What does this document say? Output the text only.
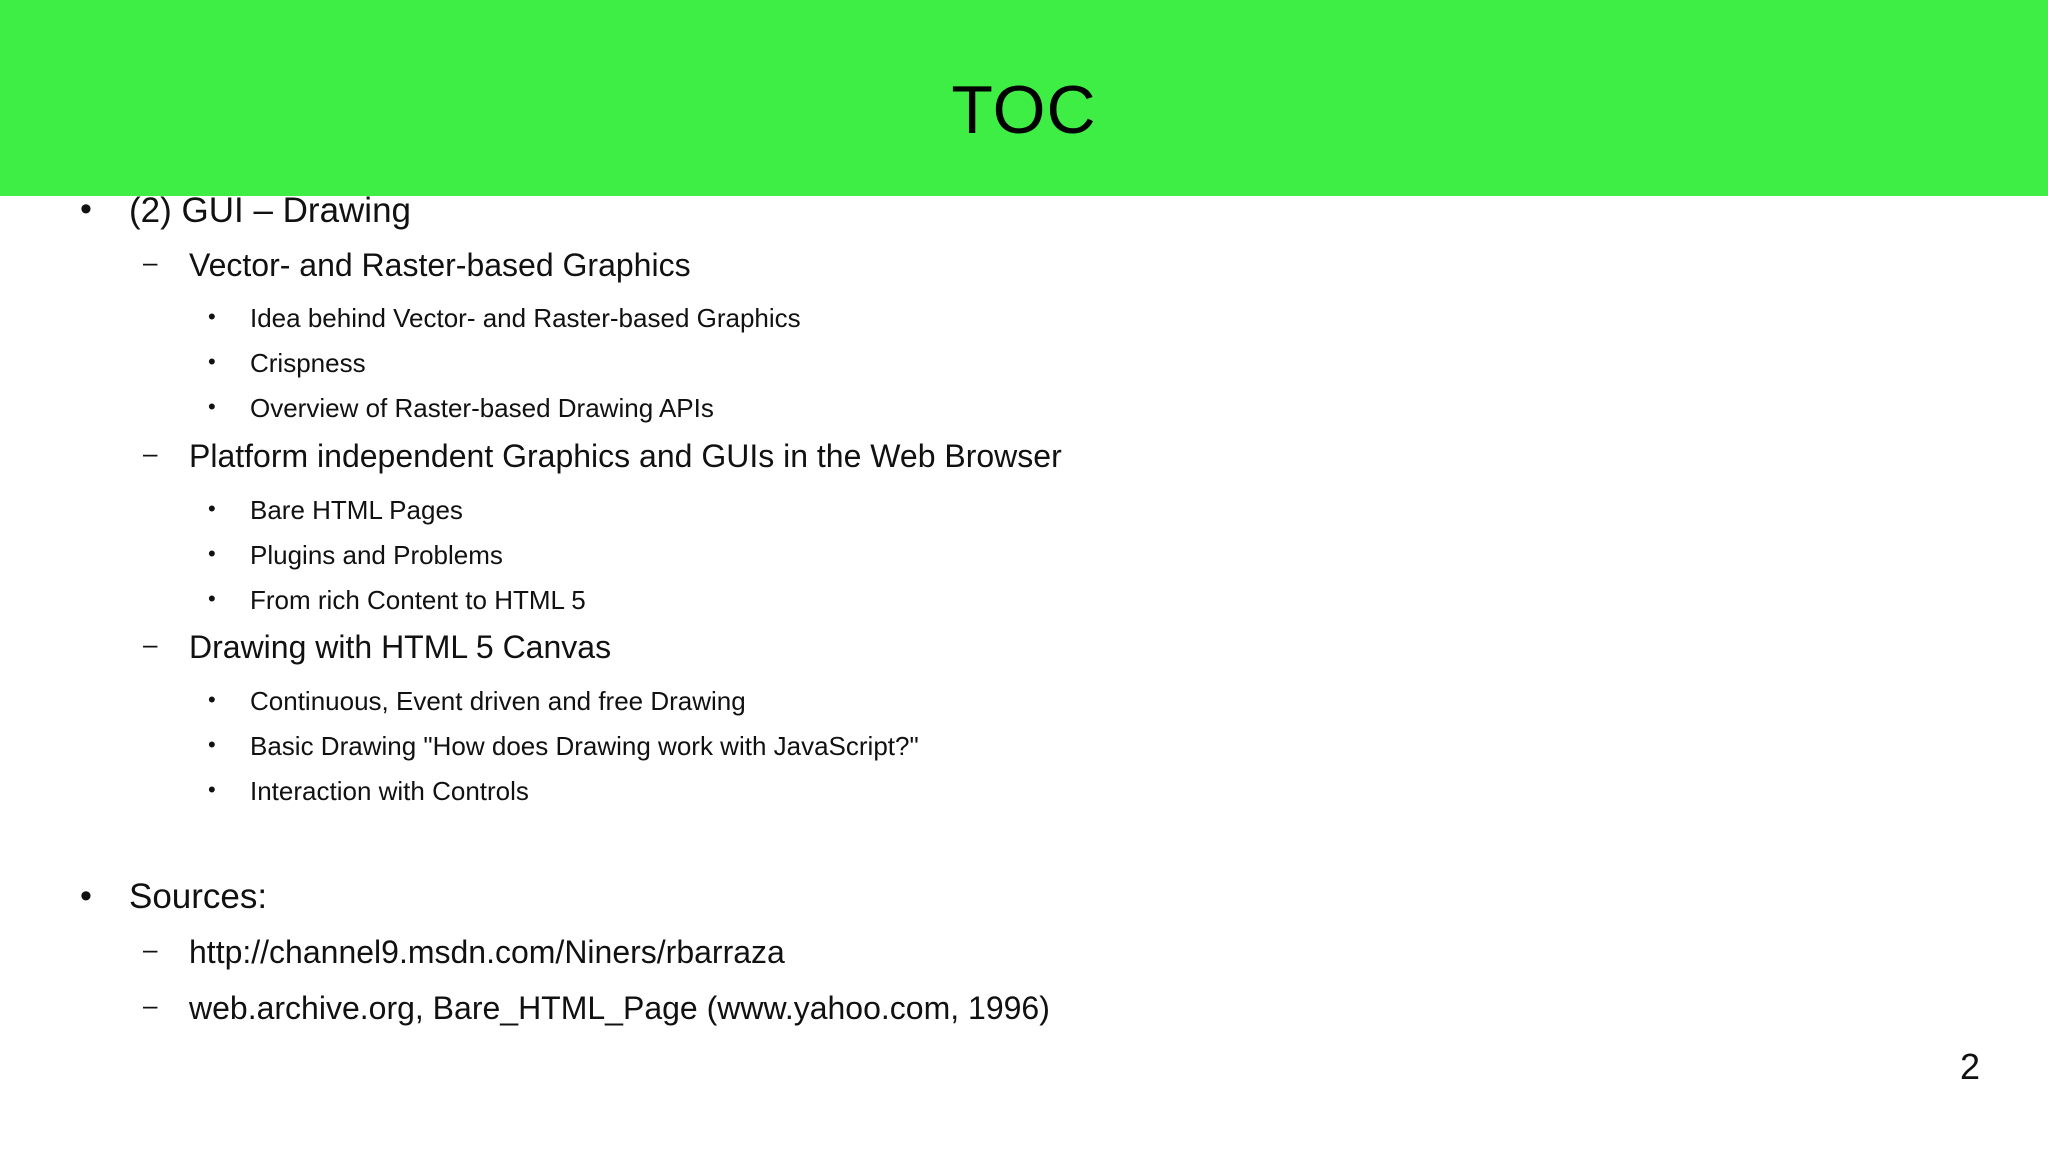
TOC
• (2) GUI – Drawing
– Vector- and Raster-based Graphics
• Idea behind Vector- and Raster-based Graphics
• Crispness
• Overview of Raster-based Drawing APIs
– Platform independent Graphics and GUIs in the Web Browser
• Bare HTML Pages
• Plugins and Problems
• From rich Content to HTML 5
– Drawing with HTML 5 Canvas
• Continuous, Event driven and free Drawing
• Basic Drawing "How does Drawing work with JavaScript?"
• Interaction with Controls
• Sources:
– http://channel9.msdn.com/Niners/rbarraza
– web.archive.org, Bare_HTML_Page (www.yahoo.com, 1996)
2
